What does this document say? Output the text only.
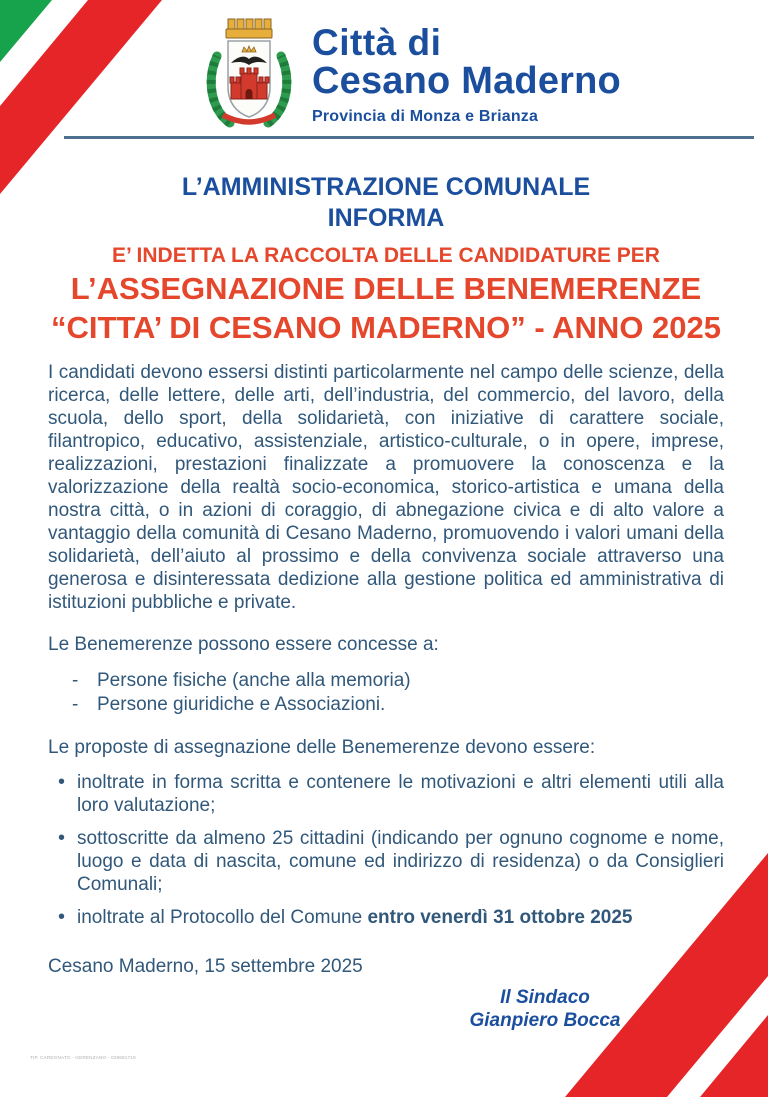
Città di
Cesano Maderno
Provincia di Monza e Brianza
L’AMMINISTRAZIONE COMUNALE
INFORMA
E’ INDETTA LA RACCOLTA DELLE CANDIDATURE PER
L’ASSEGNAZIONE DELLE BENEMERENZE
“CITTA’ DI CESANO MADERNO” - ANNO 2025
I candidati devono essersi distinti particolarmente nel campo delle scienze, della ricerca, delle lettere, delle arti, dell’industria, del commercio, del lavoro, della scuola, dello sport, della solidarietà, con iniziative di carattere sociale, filantropico, educativo, assistenziale, artistico-culturale, o in opere, imprese, realizzazioni, prestazioni finalizzate a promuovere la conoscenza e la valorizzazione della realtà socio-economica, storico-artistica e umana della nostra città, o in azioni di coraggio, di abnegazione civica e di alto valore a vantaggio della comunità di Cesano Maderno, promuovendo i valori umani della solidarietà, dell’aiuto al prossimo e della convivenza sociale attraverso una generosa e disinteressata dedizione alla gestione politica ed amministrativa di istituzioni pubbliche e private.
Le Benemerenze possono essere concesse a:
- Persone fisiche (anche alla memoria)
- Persone giuridiche e Associazioni.
Le proposte di assegnazione delle Benemerenze devono essere:
• inoltrate in forma scritta e contenere le motivazioni e altri elementi utili alla loro valutazione;
• sottoscritte da almeno 25 cittadini (indicando per ognuno cognome e nome, luogo e data di nascita, comune ed indirizzo di residenza) o da Consiglieri Comunali;
• inoltrate al Protocollo del Comune entro venerdì 31 ottobre 2025
Cesano Maderno, 15 settembre 2025
Il Sindaco
Gianpiero Bocca
TIP. CAREGNATO - GERENZANO - 029681719
